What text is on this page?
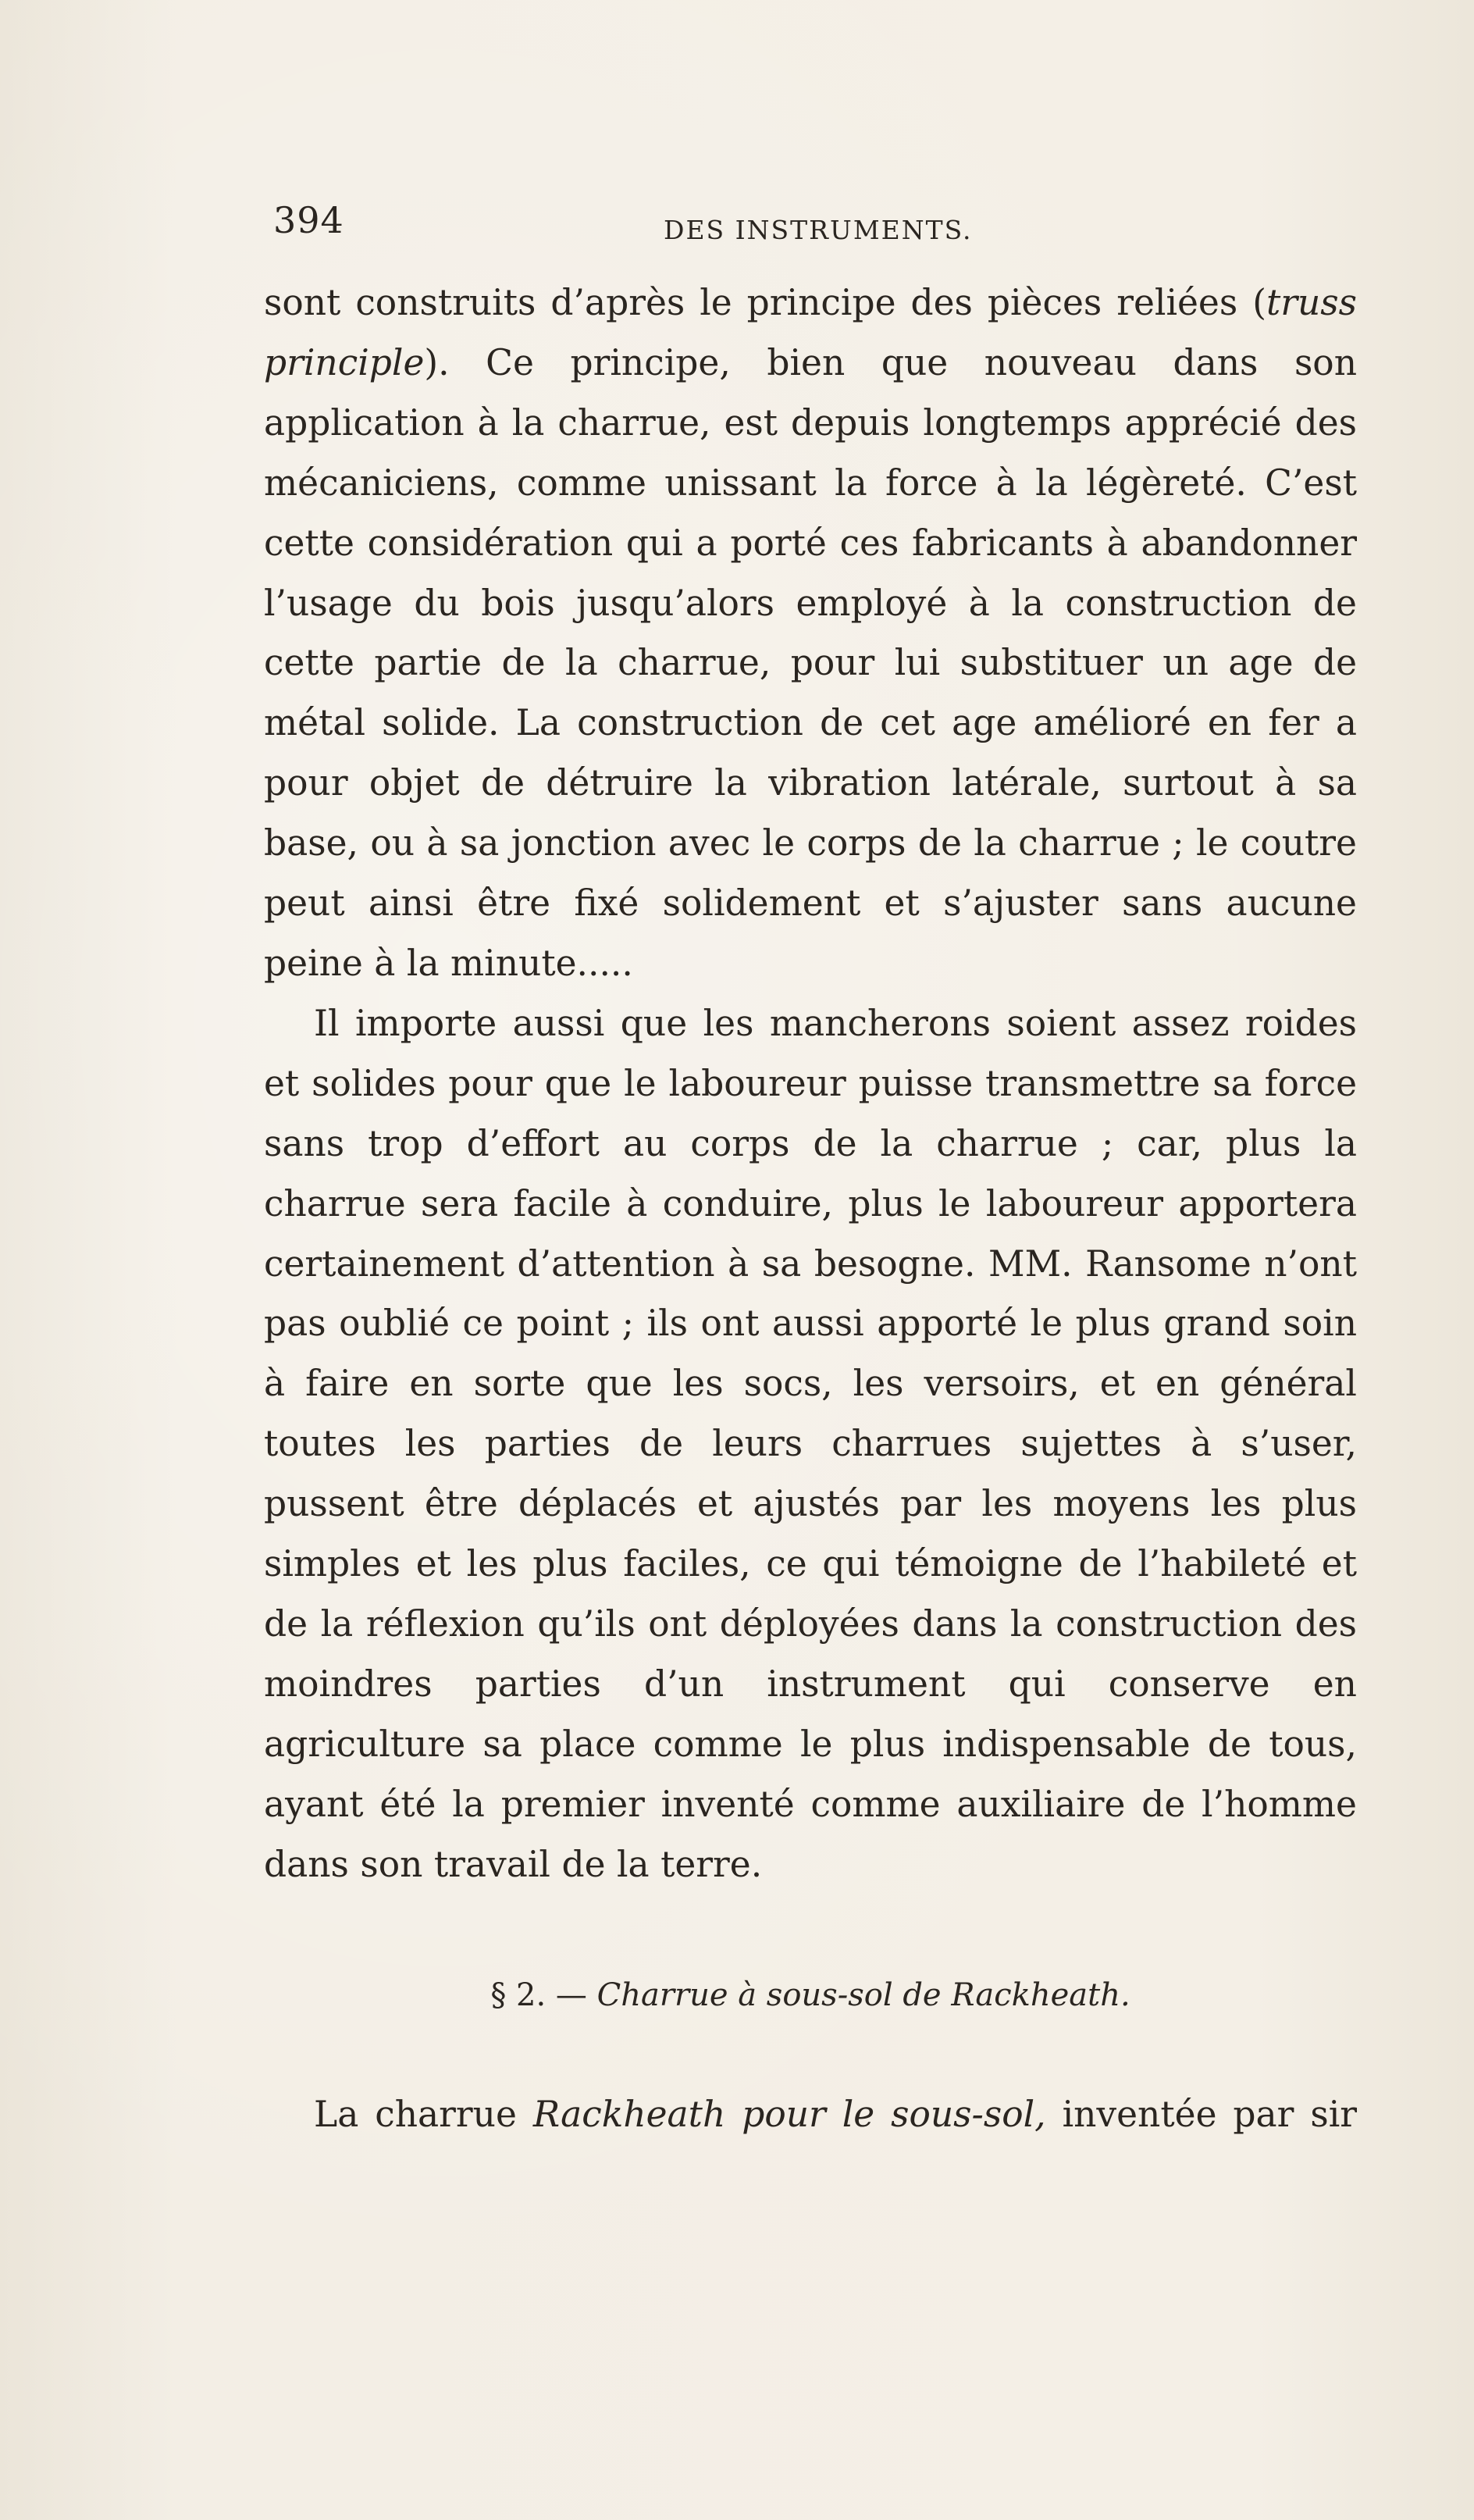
394	DES INSTRUMENTS.

sont construits d’après le principe des pièces reliées (truss principle). Ce principe, bien que nouveau dans son application à la charrue, est depuis longtemps apprécié des mécaniciens, comme unissant la force à la légèreté. C’est cette considération qui a porté ces fabricants à abandonner l’usage du bois jusqu’alors employé à la construction de cette partie de la charrue, pour lui substituer un age de métal solide. La construction de cet age amélioré en fer a pour objet de détruire la vibration latérale, surtout à sa base, ou à sa jonction avec le corps de la charrue ; le coutre peut ainsi être fixé solidement et s’ajuster sans aucune peine à la minute.....

Il importe aussi que les mancherons soient assez roides et solides pour que le laboureur puisse transmettre sa force sans trop d’effort au corps de la charrue ; car, plus la charrue sera facile à conduire, plus le laboureur apportera certainement d’attention à sa besogne. MM. Ransome n’ont pas oublié ce point ; ils ont aussi apporté le plus grand soin à faire en sorte que les socs, les versoirs, et en général toutes les parties de leurs charrues sujettes à s’user, pussent être déplacés et ajustés par les moyens les plus simples et les plus faciles, ce qui témoigne de l’habileté et de la réflexion qu’ils ont déployées dans la construction des moindres parties d’un instrument qui conserve en agriculture sa place comme le plus indispensable de tous, ayant été la premier inventé comme auxiliaire de l’homme dans son travail de la terre.

§ 2. — Charrue à sous-sol de Rackheath.
La charrue Rackheath pour le sous-sol, inventée par sir
